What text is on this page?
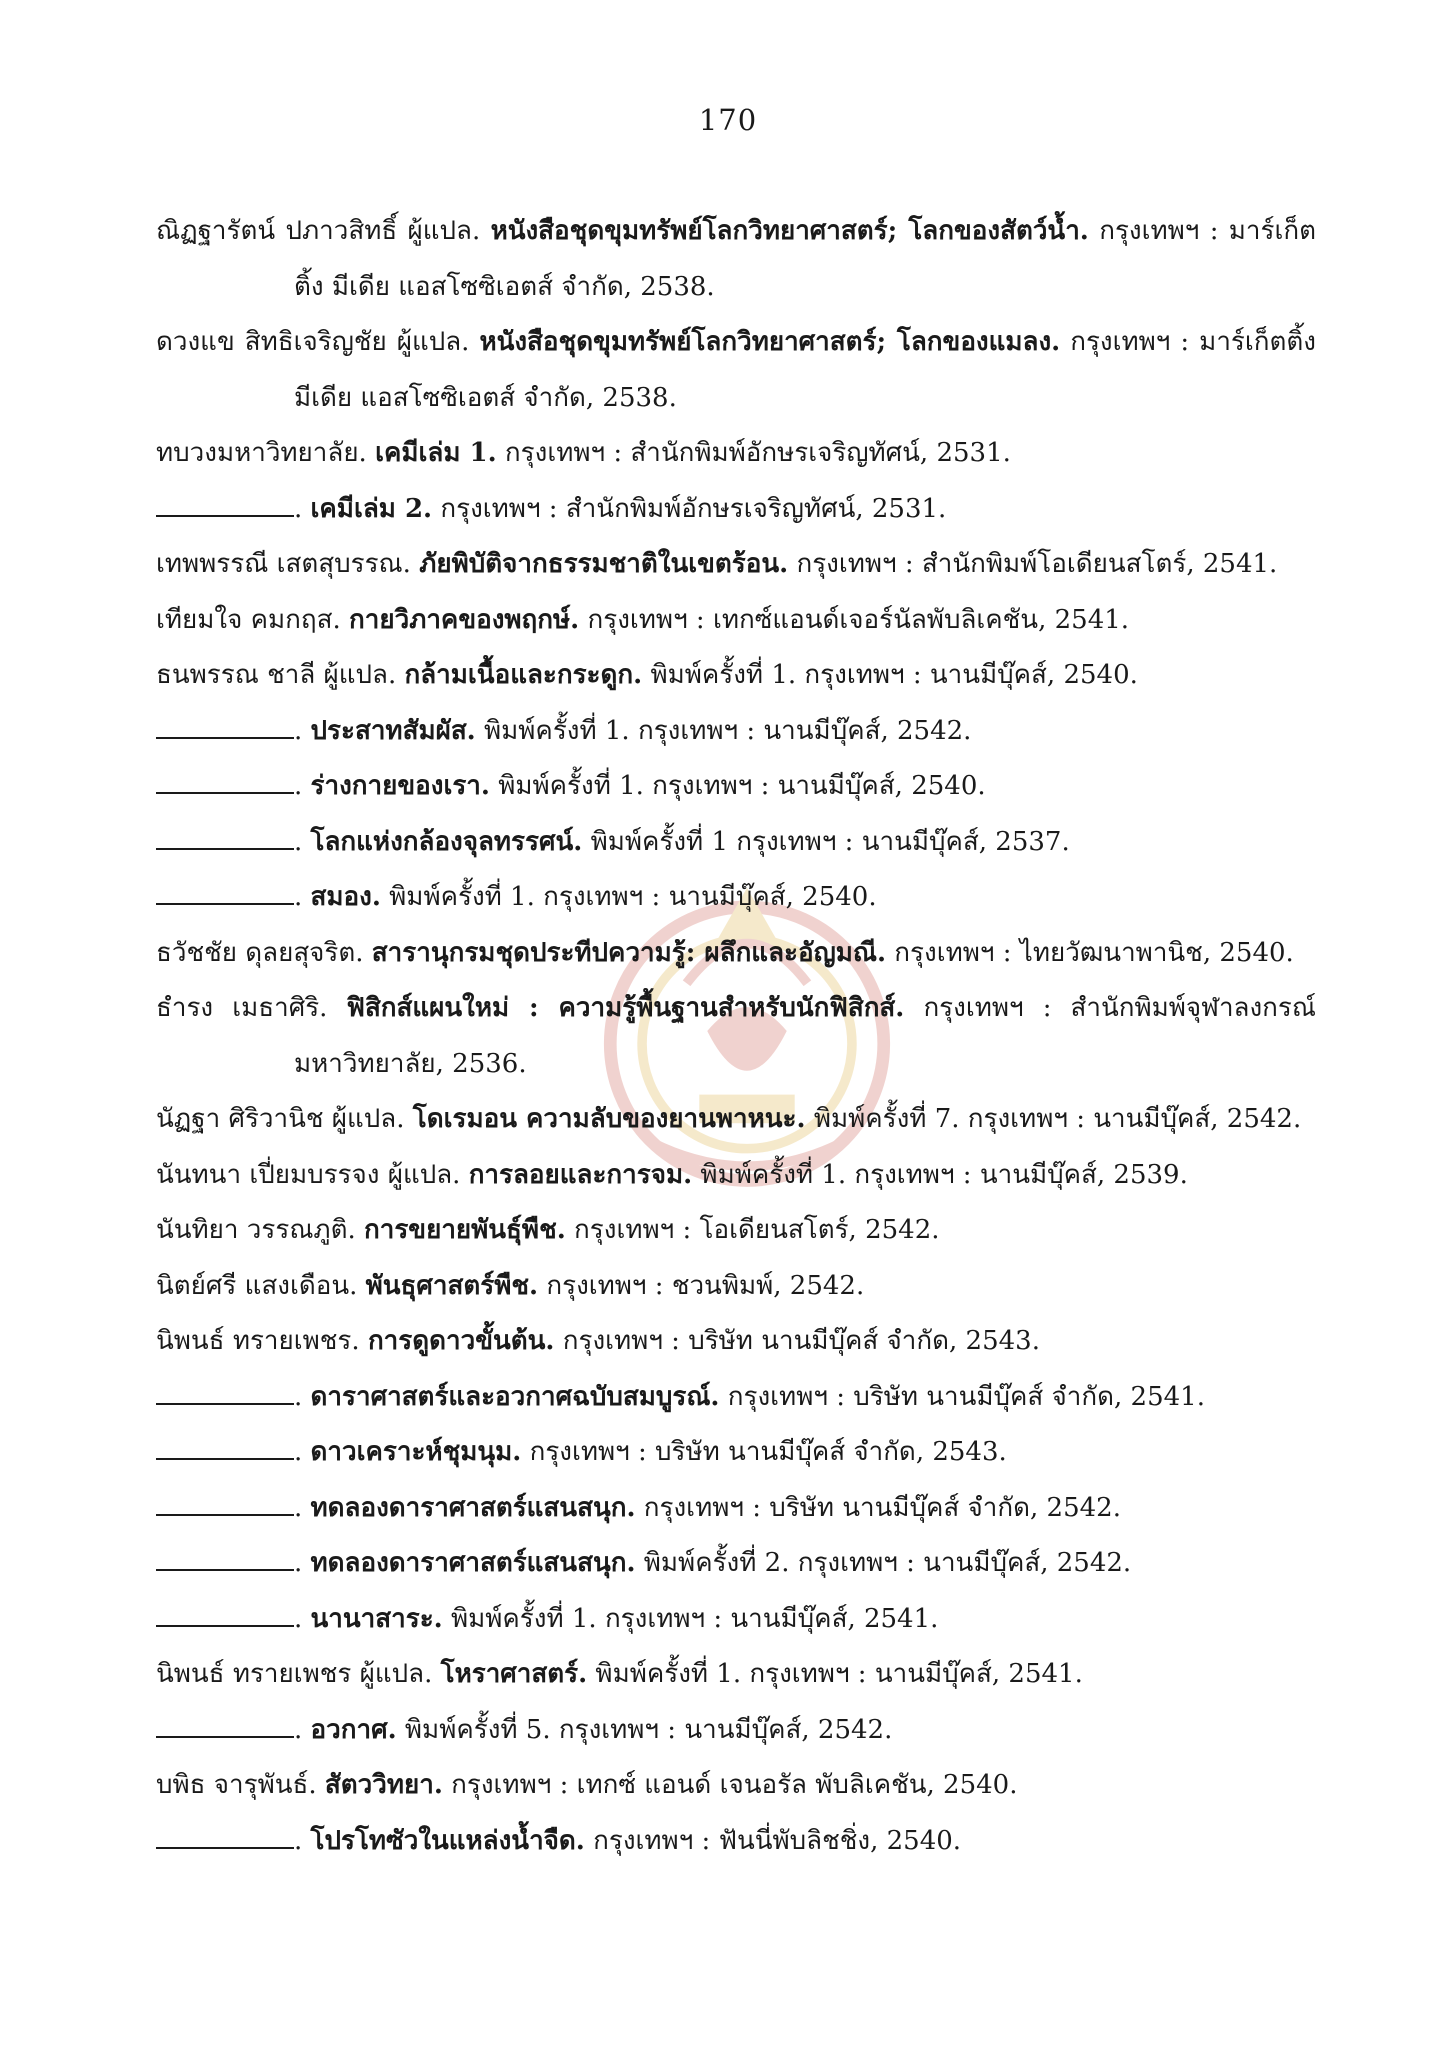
170
ณิฏฐารัตน์ ปภาวสิทธิ์ ผู้แปล. หนังสือชุดขุมทรัพย์โลกวิทยาศาสตร์; โลกของสัตว์น้ำ. กรุงเทพฯ : มาร์เก็ตติ้ง มีเดีย แอสโซซิเอตส์ จำกัด, 2538.
ดวงแข สิทธิเจริญชัย ผู้แปล. หนังสือชุดขุมทรัพย์โลกวิทยาศาสตร์; โลกของแมลง. กรุงเทพฯ : มาร์เก็ตติ้ง มีเดีย แอสโซซิเอตส์ จำกัด, 2538.
ทบวงมหาวิทยาลัย. เคมีเล่ม 1. กรุงเทพฯ : สำนักพิมพ์อักษรเจริญทัศน์, 2531.
. เคมีเล่ม 2. กรุงเทพฯ : สำนักพิมพ์อักษรเจริญทัศน์, 2531.
เทพพรรณี เสตสุบรรณ. ภัยพิบัติจากธรรมชาติในเขตร้อน. กรุงเทพฯ : สำนักพิมพ์โอเดียนสโตร์, 2541.
เทียมใจ คมกฤส. กายวิภาคของพฤกษ์. กรุงเทพฯ : เทกซ์แอนด์เจอร์นัลพับลิเคชัน, 2541.
ธนพรรณ ชาลี ผู้แปล. กล้ามเนื้อและกระดูก. พิมพ์ครั้งที่ 1. กรุงเทพฯ : นานมีบุ๊คส์, 2540.
. ประสาทสัมผัส. พิมพ์ครั้งที่ 1. กรุงเทพฯ : นานมีบุ๊คส์, 2542.
. ร่างกายของเรา. พิมพ์ครั้งที่ 1. กรุงเทพฯ : นานมีบุ๊คส์, 2540.
. โลกแห่งกล้องจุลทรรศน์. พิมพ์ครั้งที่ 1 กรุงเทพฯ : นานมีบุ๊คส์, 2537.
. สมอง. พิมพ์ครั้งที่ 1. กรุงเทพฯ : นานมีบุ๊คส์, 2540.
ธวัชชัย ดุลยสุจริต. สารานุกรมชุดประทีปความรู้: ผลึกและอัญมณี. กรุงเทพฯ : ไทยวัฒนาพานิช, 2540.
ธำรง เมธาศิริ. ฟิสิกส์แผนใหม่ : ความรู้พื้นฐานสำหรับนักฟิสิกส์. กรุงเทพฯ : สำนักพิมพ์จุฬาลงกรณ์มหาวิทยาลัย, 2536.
นัฏฐา ศิริวานิช ผู้แปล. โดเรมอน ความลับของยานพาหนะ. พิมพ์ครั้งที่ 7. กรุงเทพฯ : นานมีบุ๊คส์, 2542.
นันทนา เปี่ยมบรรจง ผู้แปล. การลอยและการจม. พิมพ์ครั้งที่ 1. กรุงเทพฯ : นานมีบุ๊คส์, 2539.
นันทิยา วรรณภูติ. การขยายพันธุ์พืช. กรุงเทพฯ : โอเดียนสโตร์, 2542.
นิตย์ศรี แสงเดือน. พันธุศาสตร์พืช. กรุงเทพฯ : ชวนพิมพ์, 2542.
นิพนธ์ ทรายเพชร. การดูดาวขั้นต้น. กรุงเทพฯ : บริษัท นานมีบุ๊คส์ จำกัด, 2543.
. ดาราศาสตร์และอวกาศฉบับสมบูรณ์. กรุงเทพฯ : บริษัท นานมีบุ๊คส์ จำกัด, 2541.
. ดาวเคราะห์ชุมนุม. กรุงเทพฯ : บริษัท นานมีบุ๊คส์ จำกัด, 2543.
. ทดลองดาราศาสตร์แสนสนุก. กรุงเทพฯ : บริษัท นานมีบุ๊คส์ จำกัด, 2542.
. ทดลองดาราศาสตร์แสนสนุก. พิมพ์ครั้งที่ 2. กรุงเทพฯ : นานมีบุ๊คส์, 2542.
. นานาสาระ. พิมพ์ครั้งที่ 1. กรุงเทพฯ : นานมีบุ๊คส์, 2541.
นิพนธ์ ทรายเพชร ผู้แปล. โหราศาสตร์. พิมพ์ครั้งที่ 1. กรุงเทพฯ : นานมีบุ๊คส์, 2541.
. อวกาศ. พิมพ์ครั้งที่ 5. กรุงเทพฯ : นานมีบุ๊คส์, 2542.
บพิธ จารุพันธ์. สัตววิทยา. กรุงเทพฯ : เทกซ์ แอนด์ เจนอรัล พับลิเคชัน, 2540.
. โปรโทซัวในแหล่งน้ำจืด. กรุงเทพฯ : ฟันนี่พับลิชชิ่ง, 2540.
